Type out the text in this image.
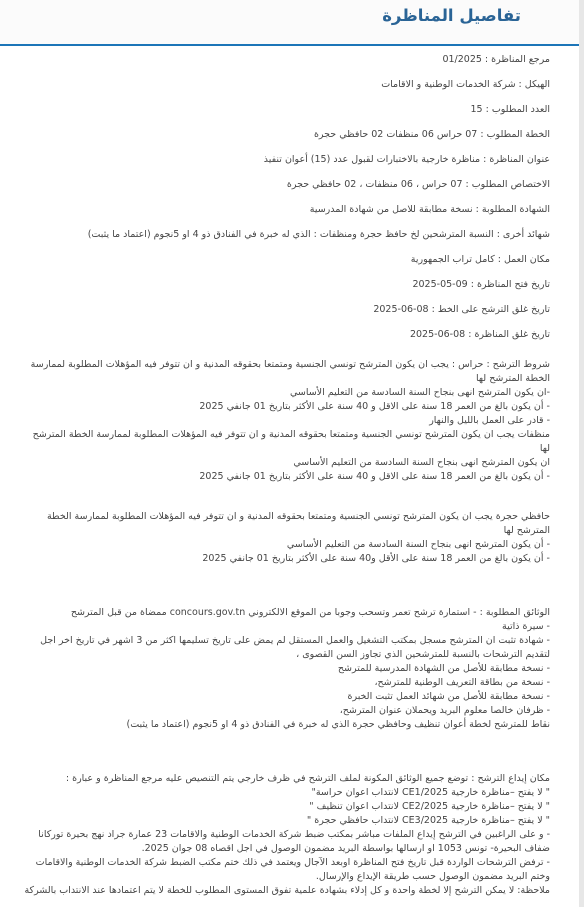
تفاصيل المناظرة
مرجع المناظرة : 01/2025
الهيكل : شركة الخدمات الوطنية و الاقامات
العدد المطلوب : 15
الخطة المطلوب : 07 حراس 06 منظفات 02 حافظي حجرة
عنوان المناظرة : مناظرة خارجية بالاختبارات لقبول عدد (15) أعوان تنفيذ
الاختصاص المطلوب : 07 حراس ، 06 منظفات ، 02 حافظي حجرة
الشهادة المطلوبة : نسخة مطابقة للاصل من شهادة المدرسية
شهائد أخرى : النسبة المترشحين لخ حافظ حجرة ومنظفات : الذي له خبرة في الفنادق ذو 4 او 5نجوم (اعتماد ما يثبت)
مكان العمل : كامل تراب الجمهورية
تاريخ فتح المناظرة : 09-05-2025
تاريخ غلق الترشح على الخط : 08-06-2025
تاريخ غلق المناظرة : 08-06-2025
شروط الترشح : حراس : يجب ان يكون المترشح تونسي الجنسية ومتمتعا بحقوقه المدنية و ان تتوفر فيه المؤهلات المطلوبة لممارسة الخطة المترشح لها
-ان يكون المترشح انهى بنجاح السنة السادسة من التعليم الأساسي
- أن يكون بالغ من العمر 18 سنة على الاقل و 40 سنة على الأكثر بتاريخ 01 جانفي 2025
- قادر على العمل بالليل والنهار
منظفات يجب ان يكون المترشح تونسي الجنسية ومتمتعا بحقوقه المدنية و ان تتوفر فيه المؤهلات المطلوبة لممارسة الخطة المترشح لها
ان يكون المترشح انهى بنجاح السنة السادسة من التعليم الأساسي
- أن يكون بالغ من العمر 18 سنة على الاقل و 40 سنة على الأكثر بتاريخ 01 جانفي 2025
حافظي حجرة يجب ان يكون المترشح تونسي الجنسية ومتمتعا بحقوقه المدنية و ان تتوفر فيه المؤهلات المطلوبة لممارسة الخطة المترشح لها
- أن يكون المترشح انهى بنجاح السنة السادسة من التعليم الأساسي
- أن يكون بالغ من العمر 18 سنة على الأقل و40 سنة على الأكثر بتاريخ 01 جانفي 2025
الوثائق المطلوبة : - استمارة ترشح تعمر وتسحب وجوبا من الموقع الالكتروني concours.gov.tn ممضاة من قبل المترشح
- سيرة ذاتية
- شهادة تثبت ان المترشح مسجل بمكتب التشغيل والعمل المستقل لم يمض على تاريخ تسليمها اكثر من 3 اشهر في تاريخ اخر اجل لتقديم الترشحات بالنسبة للمترشحين الذي تجاوز السن القصوى ،
- نسخة مطابقة للأصل من الشهادة المدرسية للمترشح
- نسخة من بطاقة التعريف الوطنية للمترشح،
- نسخة مطابقة للأصل من شهائد العمل تثبت الخبرة
- ظرفان خالصا معلوم البريد ويحملان عنوان المترشح،
نقاط للمترشح لخطة أعوان تنظيف وحافظي حجرة الذي له خبرة في الفنادق ذو 4 او 5نجوم (اعتماد ما يثبت)
مكان إيداع الترشح : توضع جميع الوثائق المكونة لملف الترشح في ظرف خارجي يتم التنصيص عليه مرجع المناظرة و عبارة :
" لا يفتح –مناظرة خارجية CE1/2025 لانتداب اعوان حراسة"
" لا يفتح –مناظرة خارجية CE2/2025 لانتداب اعوان تنظيف "
" لا يفتح –مناظرة خارجية CE3/2025 لانتداب حافظي حجرة "
- و على الراغبين في الترشح إيداع الملفات مباشر بمكتب ضبط شركة الخدمات الوطنية والاقامات 23 عمارة جراد نهج بحيرة توركانا ضفاف البحيرة- تونس 1053 او ارسالها بواسطة البريد مضمون الوصول في اجل اقصاه 08 جوان 2025.
- ترفض الترشحات الواردة قبل تاريخ فتح المناظرة اوبعد الآجال ويعتمد في ذلك ختم مكتب الضبط شركة الخدمات الوطنية والاقامات وختم البريد مضمون الوصول حسب طريقة الإيداع والإرسال.
ملاحظة: لا يمكن الترشح إلا لخطة واحدة و كل إدلاء بشهادة علمية تفوق المستوى المطلوب للخطة لا يتم اعتمادها عند الانتداب بالشركة
